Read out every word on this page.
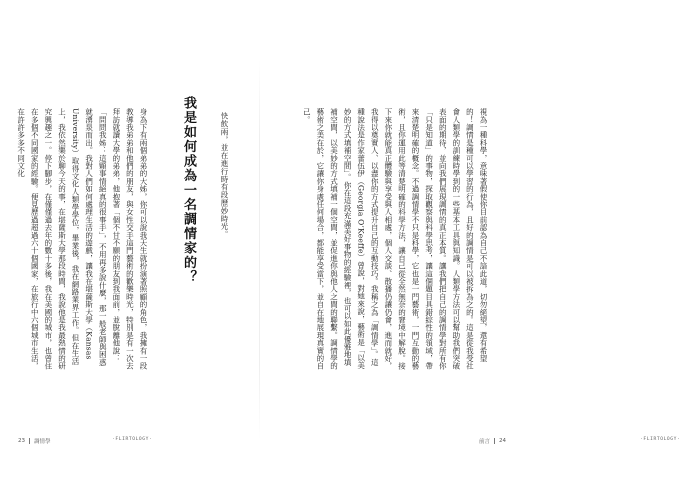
快飲兩，並在進行時有段歷妙時光。

我是如何成為一名調情家的？

身為下有兩個弟弟的大姊，你可以說我天生就扮演著照顧的角色，我擁有一段教導我弟弟和他們的朋友，與女性交手這門藝術的歡樂時光，特別是有一次去拜訪就讀大學的弟弟，他抱著「個不甘不願的朋友到我面前，並脫離他說：「問問我姊：這顆事情絕真的很事手」，不用再多說什麼，那一般老師與困惑就湧泉而出。我對人們如何處理生活的遊戲，讓我在堪薩斯大學（Kansas University）取得文化人類學學位，畢業後，我在網路業界工作。但在生活上，我依然樂於聊今天的事，在堪薩斯大學那段時間，我說他是我最熱情的研究興趣之一。停下腳步，在僅僅過去年的數十多後，我在美國的城市，也曾住在多個不同國家的經驗。便見歷過超過六十個國家，在旅行中六個城市生活，在許許多多不同文化

23 調情學	·FLIRTOLOGY·

視為一種科學，意味著假使你目前認為自己不諳此道，切勿絕望，還有希望的！調情是種可以學習的行為，且好的調情是可以被拆為之的。這是從我受社會人類學的訓練時學到的一些基本工具與知識。人類學方法可以幫助我們突破表面的期待，並向我們展現調情的真正本質。讓我們把自己的調情學對所有你「只是知道」的事物，探取觀察與科學思考，讓這個題目具錯綜性的領域，帶來清楚明確的概念。不過調情學不只是科學，它也是一門藝術，一門互動的藝術，且你運用此等清楚明確的科學方法，讓自己從全然無奈的窘境中解脫。接下來你就能真正體驗與享受與人相處，個人交談、散播仍讓仍會，進而就好，我得以奠實人、以盡你的方式提升自己的互動技巧。我稱之為「調情學」。這種說法是作家蕾伍伊（Georgia O’Keeffe）曾說，對她來說，藝術是「以美妙的方式填補空間」。你在這段充滿美好事物的經驗裡，也可以如此優雅地填補空間，以美妙的方式填補一個空間，並促進你與他人之間的聯繫。調情學的藝術之美在於，它讓你身處任何場合，都能享受當下，並自在地展現真實的自己。

·FLIRTOLOGY
前言 24
